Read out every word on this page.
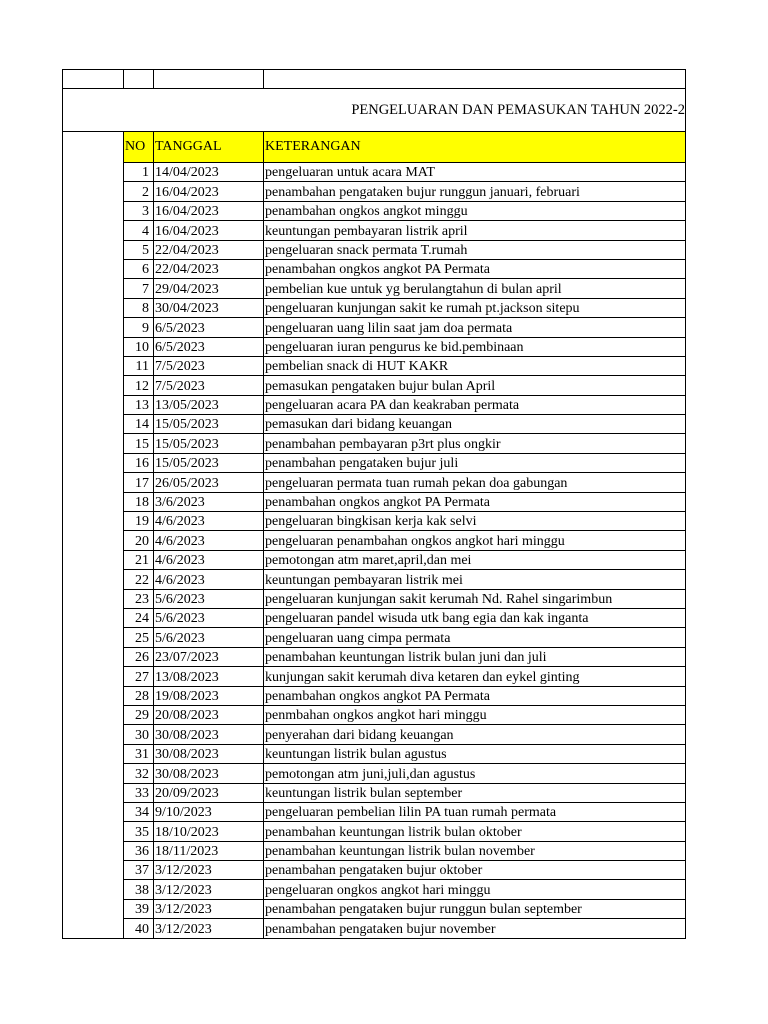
PENGELUARAN DAN PEMASUKAN TAHUN 2022-2			
	NO	TANGGAL	KETERANGAN
	1	14/04/2023	pengeluaran untuk acara MAT
	2	16/04/2023	penambahan pengataken bujur runggun januari, februari
	3	16/04/2023	penambahan ongkos angkot minggu
	4	16/04/2023	keuntungan pembayaran listrik april
	5	22/04/2023	pengeluaran snack permata T.rumah
	6	22/04/2023	penambahan ongkos angkot PA Permata
	7	29/04/2023	pembelian kue untuk yg berulangtahun di bulan april
	8	30/04/2023	pengeluaran kunjungan sakit ke rumah pt.jackson sitepu
	9	6/5/2023	pengeluaran uang lilin saat jam doa permata
	10	6/5/2023	pengeluaran iuran pengurus ke bid.pembinaan
	11	7/5/2023	pembelian snack di HUT KAKR
	12	7/5/2023	pemasukan pengataken bujur bulan April
	13	13/05/2023	pengeluaran acara PA dan keakraban permata
	14	15/05/2023	pemasukan dari bidang keuangan
	15	15/05/2023	penambahan pembayaran p3rt plus ongkir
	16	15/05/2023	penambahan pengataken bujur juli
	17	26/05/2023	pengeluaran permata tuan rumah pekan doa gabungan
	18	3/6/2023	penambahan ongkos angkot PA Permata
	19	4/6/2023	pengeluaran bingkisan kerja kak selvi
	20	4/6/2023	pengeluaran penambahan ongkos angkot hari minggu
	21	4/6/2023	pemotongan atm maret,april,dan mei
	22	4/6/2023	keuntungan pembayaran listrik mei
	23	5/6/2023	pengeluaran kunjungan sakit kerumah Nd. Rahel singarimbun
	24	5/6/2023	pengeluaran pandel wisuda utk bang egia dan kak inganta
	25	5/6/2023	pengeluaran uang cimpa permata
	26	23/07/2023	penambahan keuntungan listrik bulan juni dan juli
	27	13/08/2023	kunjungan sakit kerumah diva ketaren dan eykel ginting
	28	19/08/2023	penambahan ongkos angkot PA Permata
	29	20/08/2023	penmbahan ongkos angkot hari minggu
	30	30/08/2023	penyerahan dari bidang keuangan
	31	30/08/2023	keuntungan listrik bulan agustus
	32	30/08/2023	pemotongan atm juni,juli,dan agustus
	33	20/09/2023	keuntungan listrik bulan september
	34	9/10/2023	pengeluaran pembelian lilin PA tuan rumah permata
	35	18/10/2023	penambahan keuntungan listrik bulan oktober
	36	18/11/2023	penambahan keuntungan listrik bulan november
	37	3/12/2023	penambahan pengataken bujur oktober
	38	3/12/2023	pengeluaran ongkos angkot hari minggu
	39	3/12/2023	penambahan pengataken bujur runggun bulan september
	40	3/12/2023	penambahan pengataken bujur november
